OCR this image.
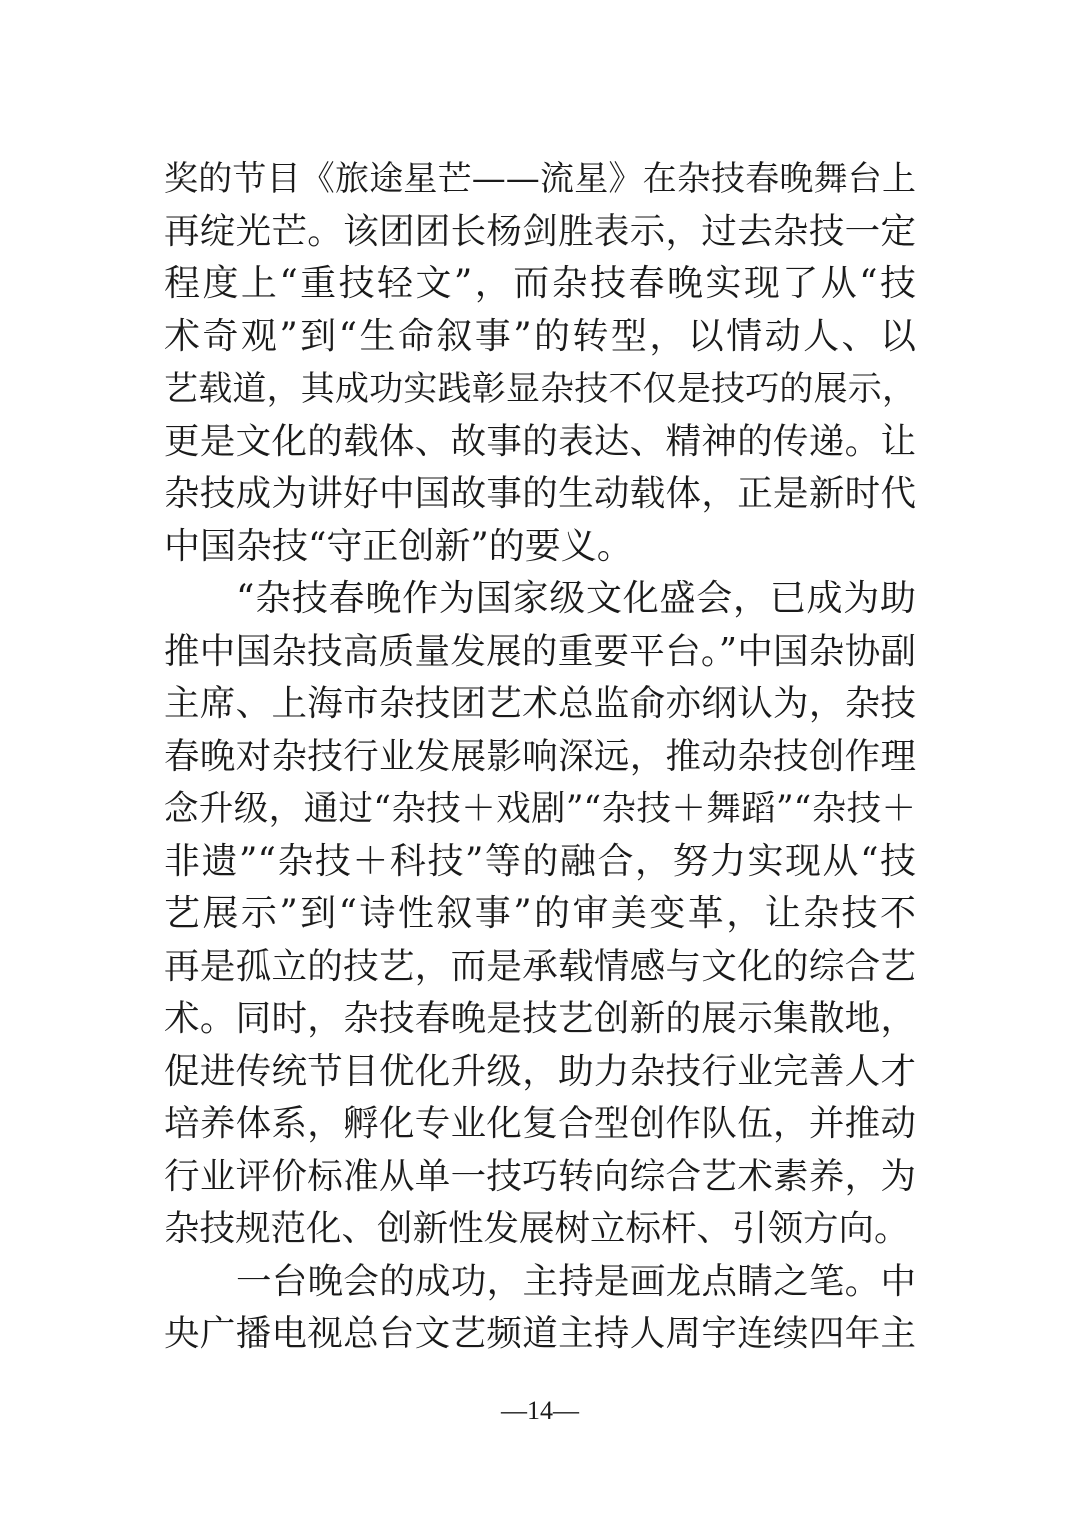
奖的节目《旅途星芒——流星》在杂技春晚舞台上
再绽光芒。该团团长杨剑胜表示，过去杂技一定
程度上“重技轻文”，而杂技春晚实现了从“技
术奇观”到“生命叙事”的转型，以情动人、以
艺载道，其成功实践彰显杂技不仅是技巧的展示，
更是文化的载体、故事的表达、精神的传递。让
杂技成为讲好中国故事的生动载体，正是新时代
中国杂技“守正创新”的要义。
“杂技春晚作为国家级文化盛会，已成为助
推中国杂技高质量发展的重要平台。”中国杂协副
主席、上海市杂技团艺术总监俞亦纲认为，杂技
春晚对杂技行业发展影响深远，推动杂技创作理
念升级，通过“杂技＋戏剧”“杂技＋舞蹈”“杂技＋
非遗”“杂技＋科技”等的融合，努力实现从“技
艺展示”到“诗性叙事”的审美变革，让杂技不
再是孤立的技艺，而是承载情感与文化的综合艺
术。同时，杂技春晚是技艺创新的展示集散地，
促进传统节目优化升级，助力杂技行业完善人才
培养体系，孵化专业化复合型创作队伍，并推动
行业评价标准从单一技巧转向综合艺术素养，为
杂技规范化、创新性发展树立标杆、引领方向。
一台晚会的成功，主持是画龙点睛之笔。中
央广播电视总台文艺频道主持人周宇连续四年主
—14—
